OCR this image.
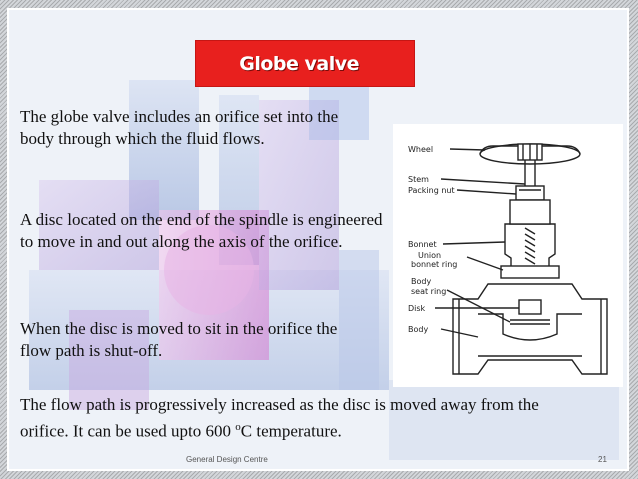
Globe valve
The globe valve includes an orifice set into the body through which the fluid flows.
A disc located on the end of the spindle is engineered to move in and out along the axis of the orifice.
When the disc is moved to sit in the orifice the flow path is shut-off.
The flow path is progressively increased as the disc is moved away from the orifice. It can be used upto 600 $^o$C temperature.
Wheel
Stem
Packing nut
Bonnet
Union
bonnet ring
Body
seat ring
Disk
Body
General Design Centre	21
